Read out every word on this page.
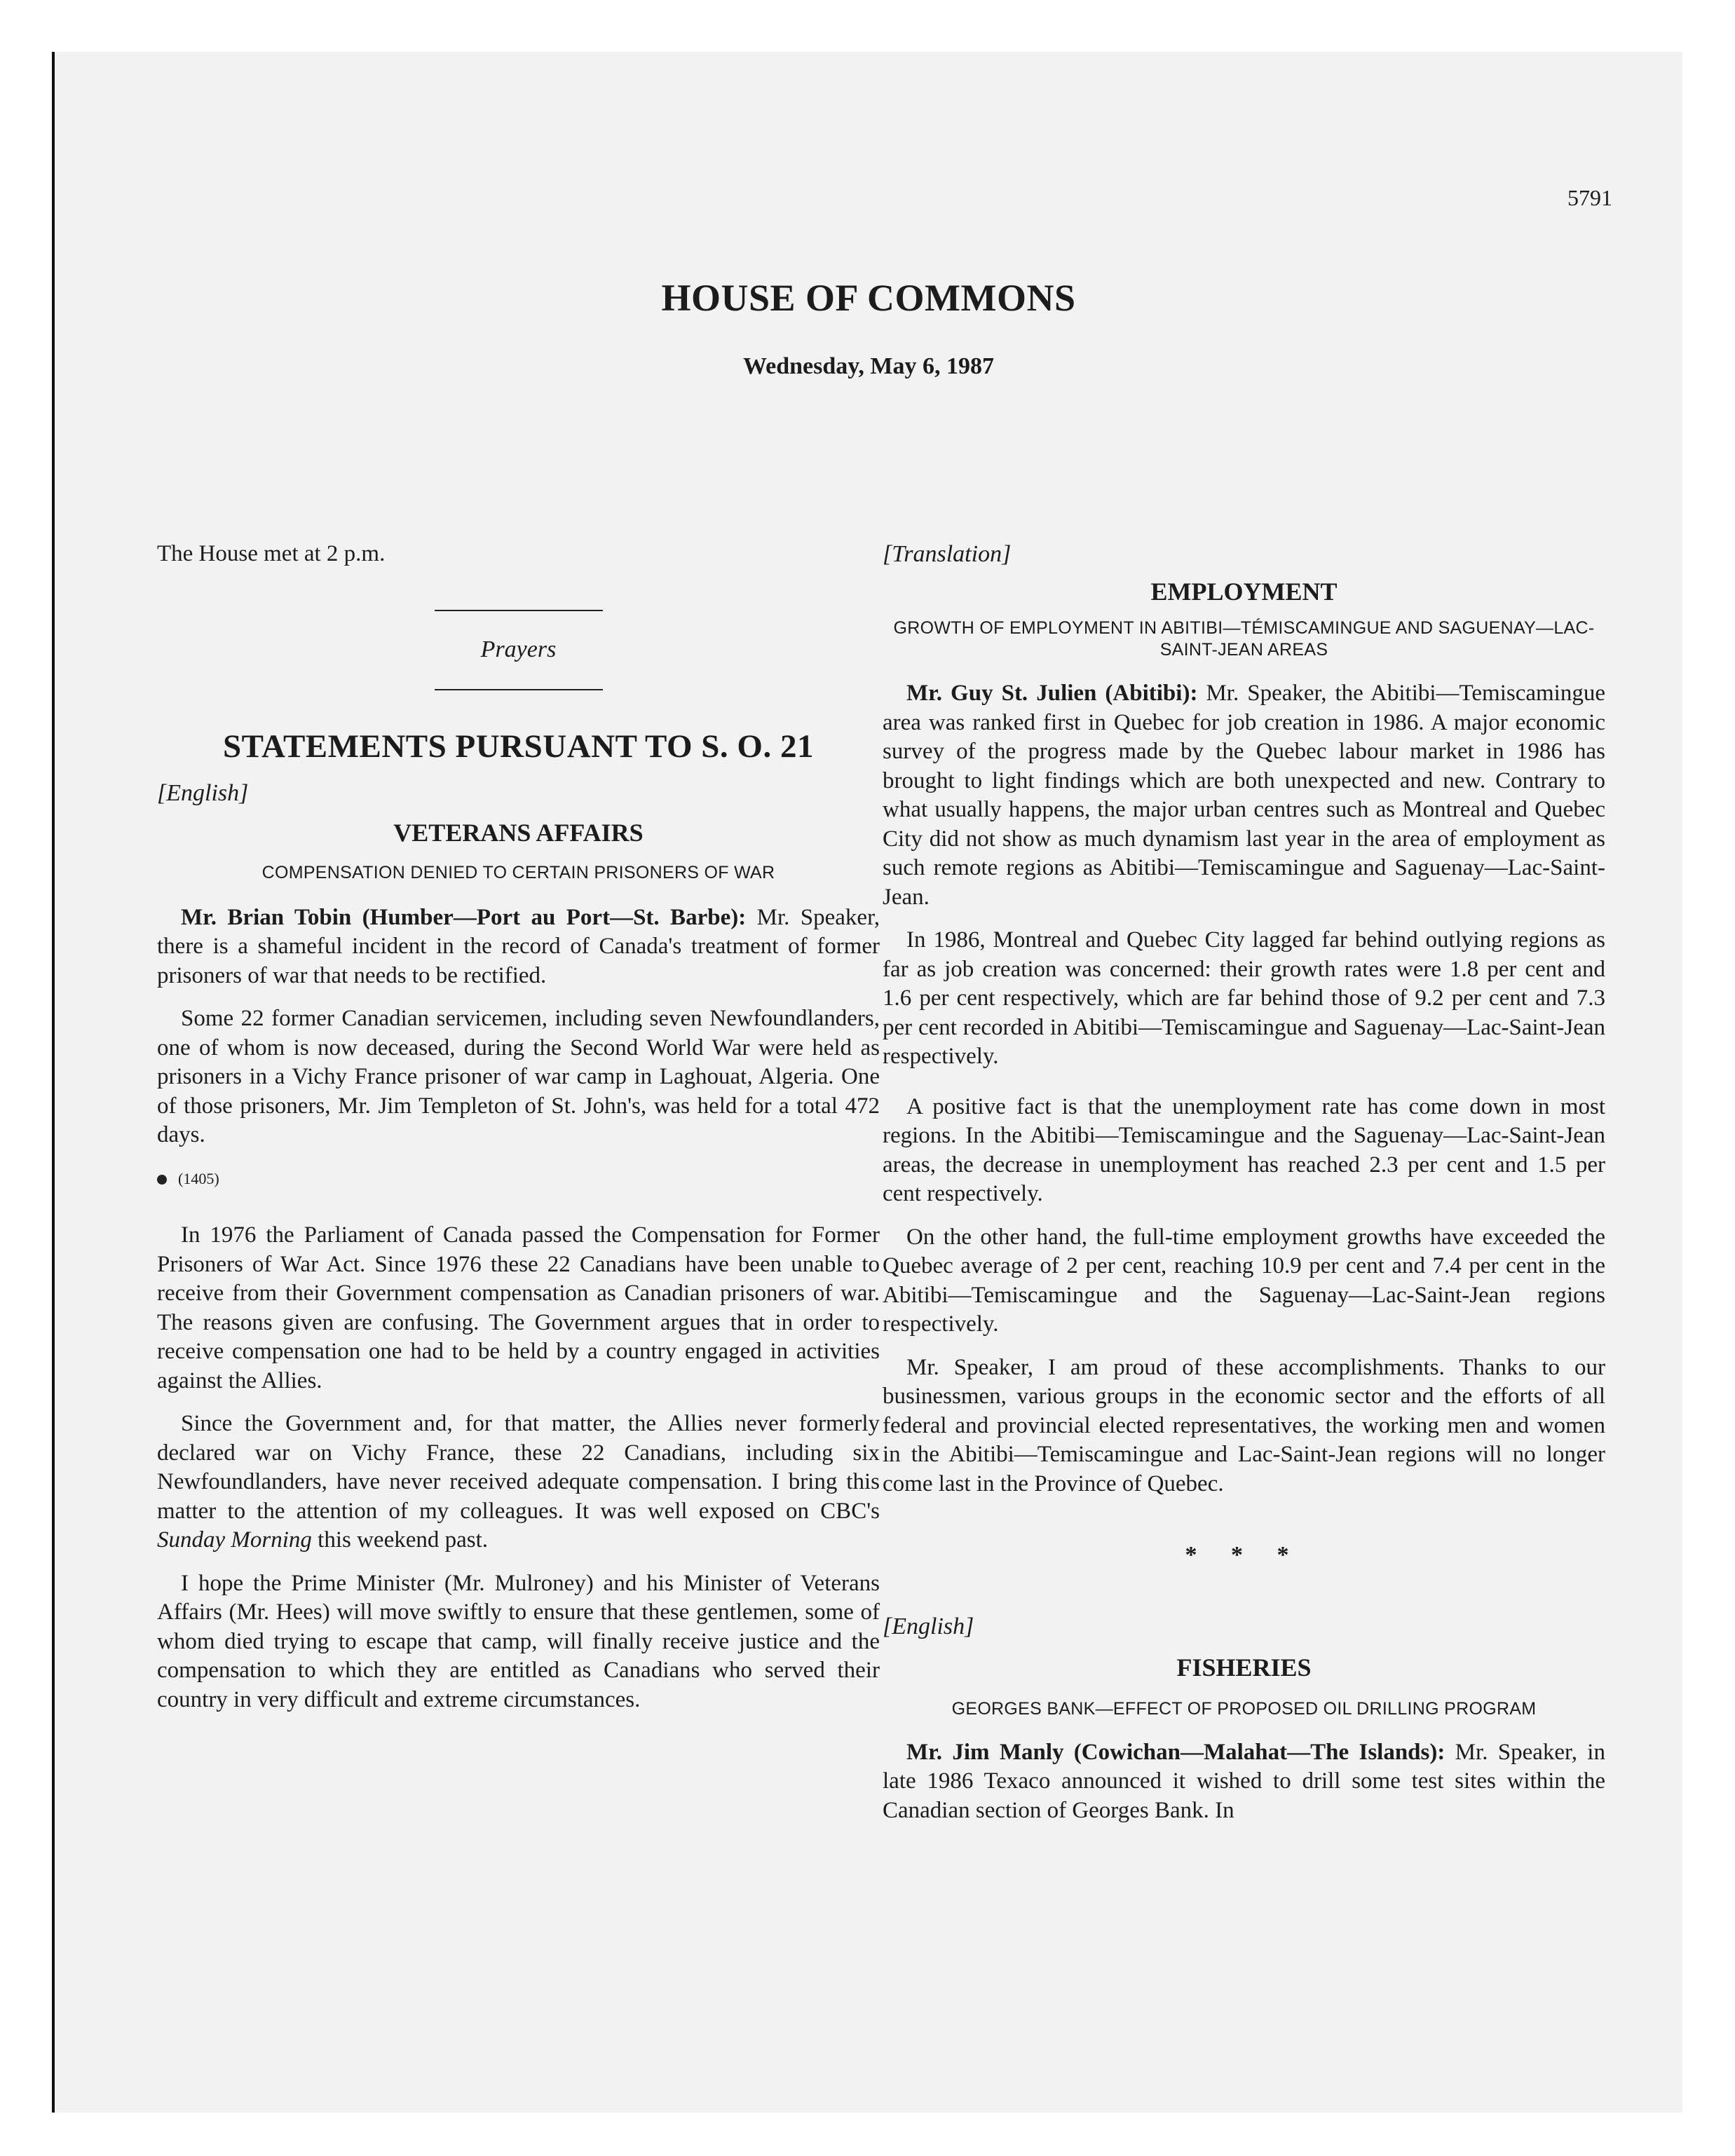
5791
HOUSE OF COMMONS
Wednesday, May 6, 1987

The House met at 2 p.m.

Prayers
STATEMENTS PURSUANT TO S. O. 21
[English]
VETERANS AFFAIRS
COMPENSATION DENIED TO CERTAIN PRISONERS OF WAR

Mr. Brian Tobin (Humber—Port au Port—St. Barbe): Mr. Speaker, there is a shameful incident in the record of Canada's treatment of former prisoners of war that needs to be rectified.

Some 22 former Canadian servicemen, including seven Newfoundlanders, one of whom is now deceased, during the Second World War were held as prisoners in a Vichy France prisoner of war camp in Laghouat, Algeria. One of those prisoners, Mr. Jim Templeton of St. John's, was held for a total 472 days.

(1405)

In 1976 the Parliament of Canada passed the Compensation for Former Prisoners of War Act. Since 1976 these 22 Canadians have been unable to receive from their Government compensation as Canadian prisoners of war. The reasons given are confusing. The Government argues that in order to receive compensation one had to be held by a country engaged in activities against the Allies.

Since the Government and, for that matter, the Allies never formerly declared war on Vichy France, these 22 Canadians, including six Newfoundlanders, have never received adequate compensation. I bring this matter to the attention of my colleagues. It was well exposed on CBC's Sunday Morning this weekend past.

I hope the Prime Minister (Mr. Mulroney) and his Minister of Veterans Affairs (Mr. Hees) will move swiftly to ensure that these gentlemen, some of whom died trying to escape that camp, will finally receive justice and the compensation to which they are entitled as Canadians who served their country in very difficult and extreme circumstances.

[Translation]
EMPLOYMENT
GROWTH OF EMPLOYMENT IN ABITIBI—TÉMISCAMINGUE AND SAGUENAY—LAC-SAINT-JEAN AREAS

Mr. Guy St. Julien (Abitibi): Mr. Speaker, the Abitibi—Temiscamingue area was ranked first in Quebec for job creation in 1986. A major economic survey of the progress made by the Quebec labour market in 1986 has brought to light findings which are both unexpected and new. Contrary to what usually happens, the major urban centres such as Montreal and Quebec City did not show as much dynamism last year in the area of employment as such remote regions as Abitibi—Temiscamingue and Saguenay—Lac-Saint-Jean.

In 1986, Montreal and Quebec City lagged far behind outlying regions as far as job creation was concerned: their growth rates were 1.8 per cent and 1.6 per cent respectively, which are far behind those of 9.2 per cent and 7.3 per cent recorded in Abitibi—Temiscamingue and Saguenay—Lac-Saint-Jean respectively.

A positive fact is that the unemployment rate has come down in most regions. In the Abitibi—Temiscamingue and the Saguenay—Lac-Saint-Jean areas, the decrease in unemployment has reached 2.3 per cent and 1.5 per cent respectively.

On the other hand, the full-time employment growths have exceeded the Quebec average of 2 per cent, reaching 10.9 per cent and 7.4 per cent in the Abitibi—Temiscamingue and the Saguenay—Lac-Saint-Jean regions respectively.

Mr. Speaker, I am proud of these accomplishments. Thanks to our businessmen, various groups in the economic sector and the efforts of all federal and provincial elected representatives, the working men and women in the Abitibi—Temiscamingue and Lac-Saint-Jean regions will no longer come last in the Province of Quebec.

* * *
[English]
FISHERIES
GEORGES BANK—EFFECT OF PROPOSED OIL DRILLING PROGRAM

Mr. Jim Manly (Cowichan—Malahat—The Islands): Mr. Speaker, in late 1986 Texaco announced it wished to drill some test sites within the Canadian section of Georges Bank. In
